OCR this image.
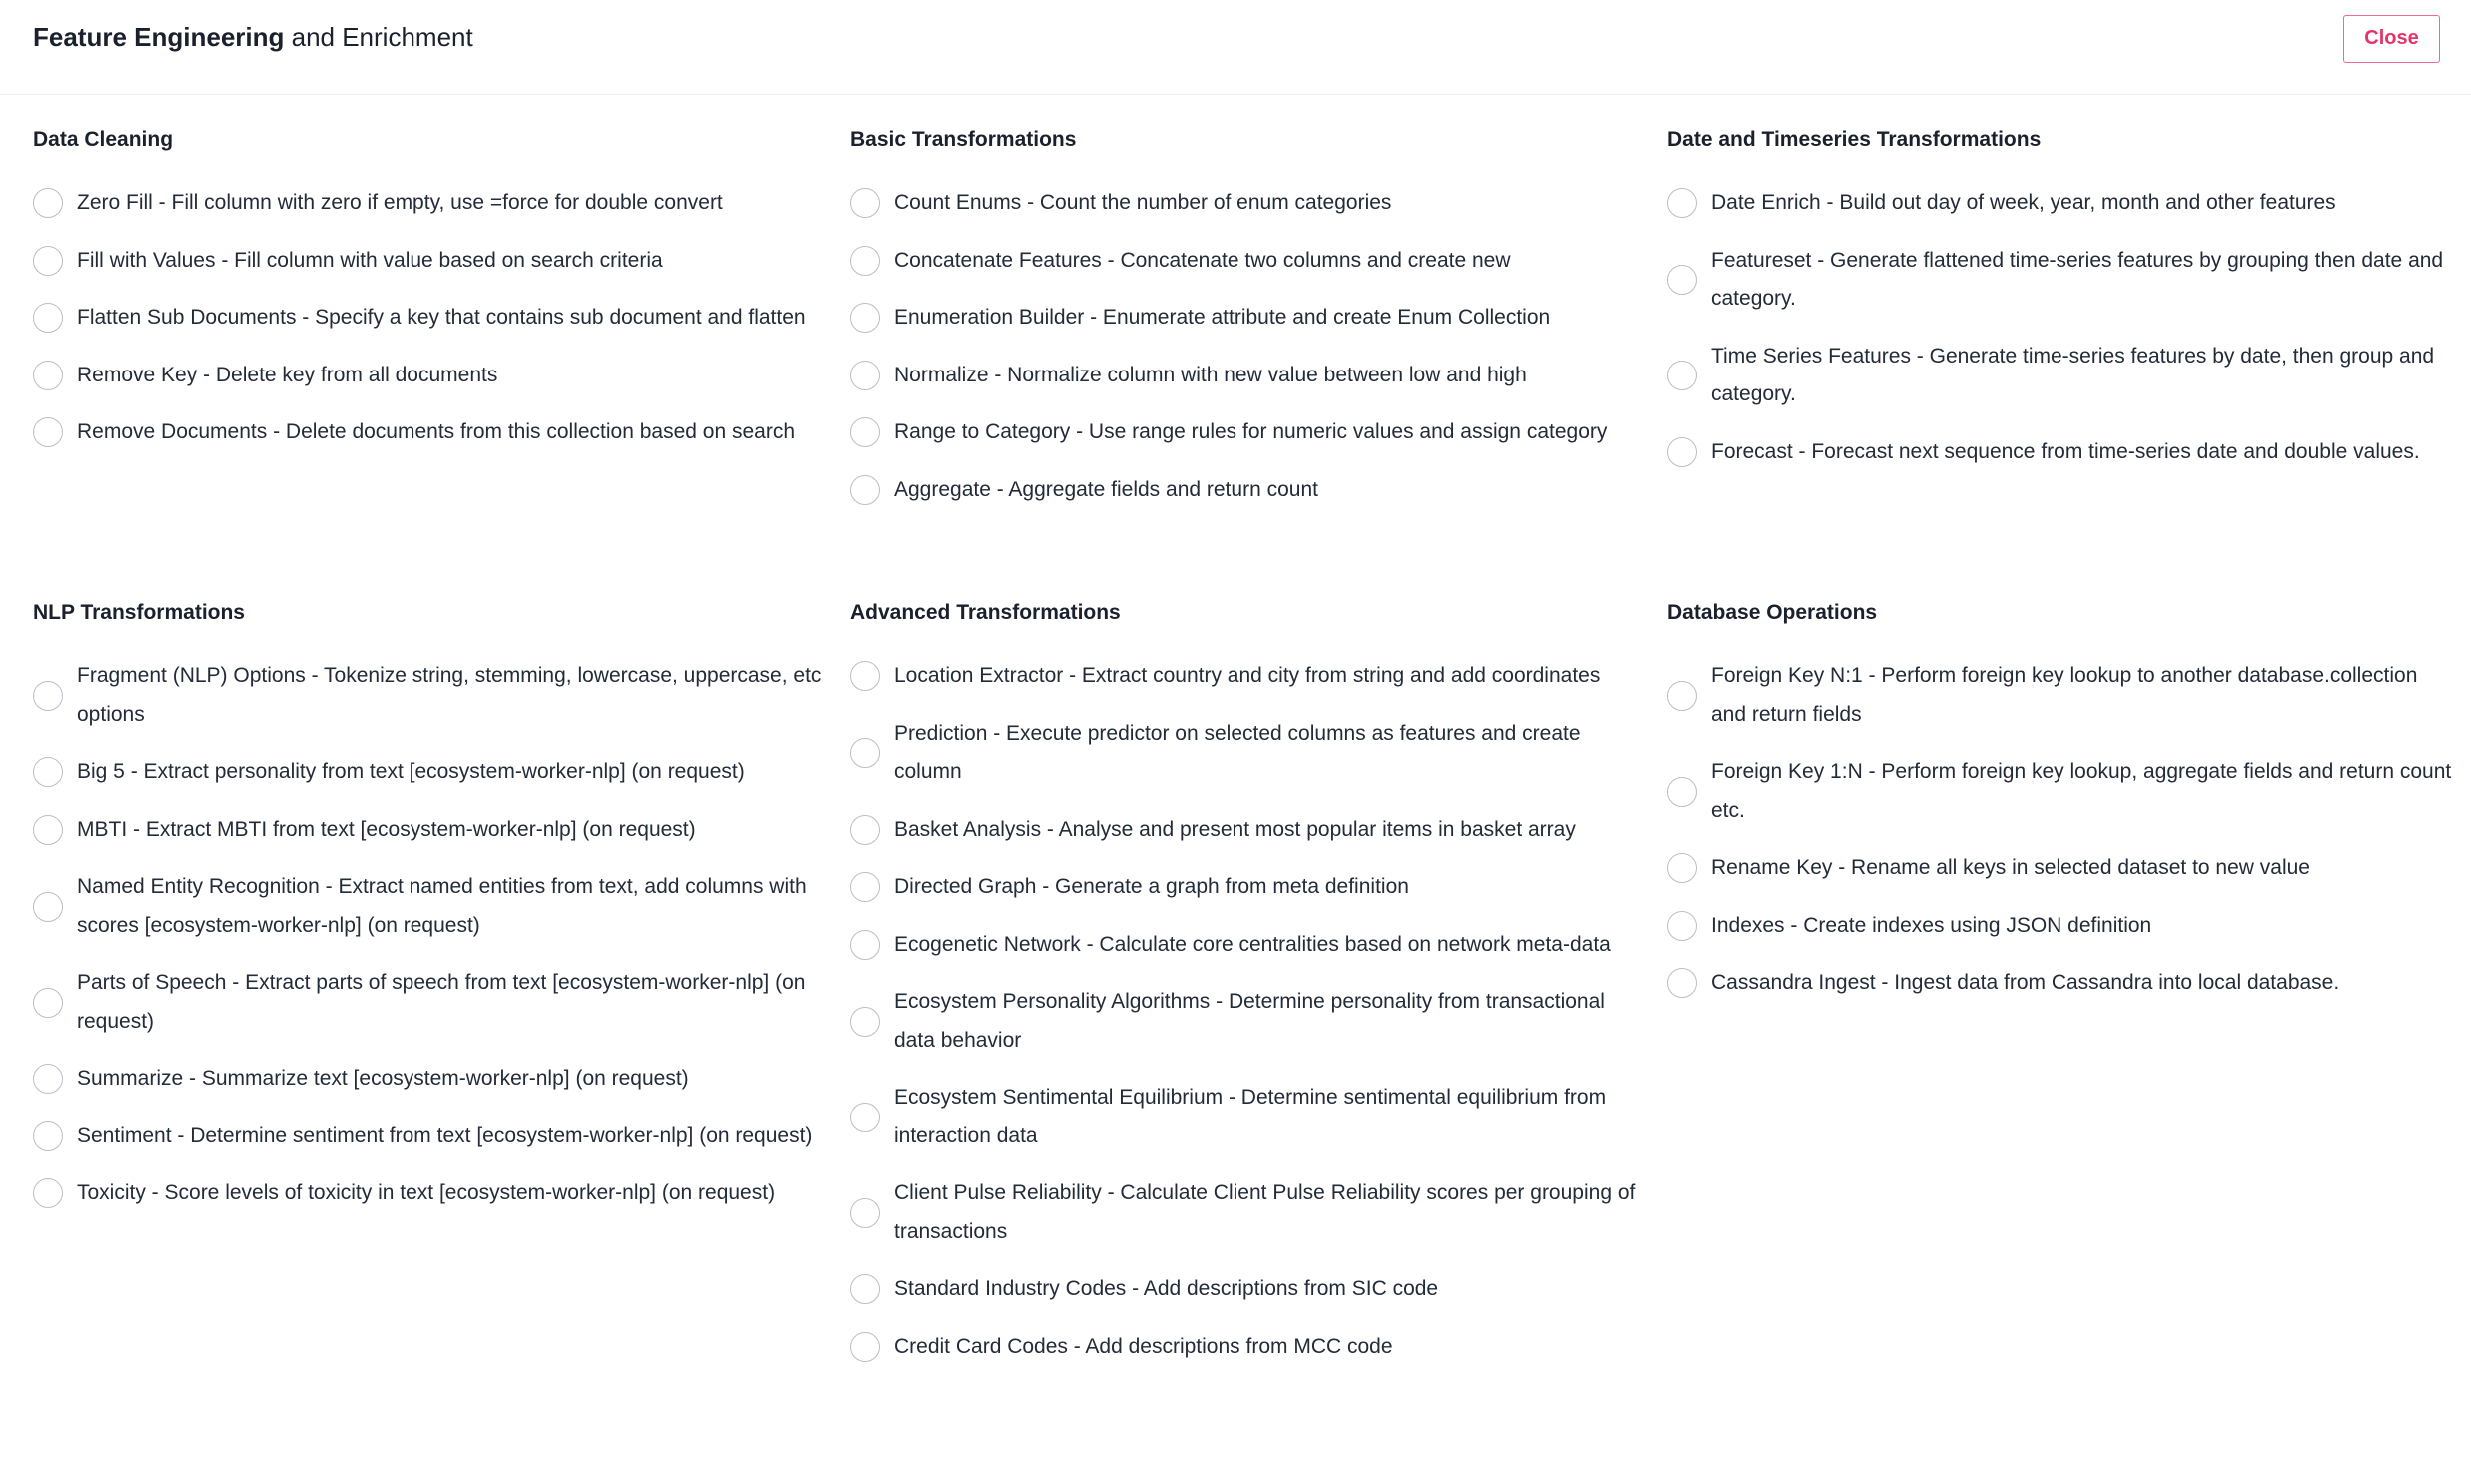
Feature Engineering and Enrichment	Close
Data Cleaning
Zero Fill - Fill column with zero if empty, use =force for double convert
Fill with Values - Fill column with value based on search criteria
Flatten Sub Documents - Specify a key that contains sub document and flatten
Remove Key - Delete key from all documents
Remove Documents - Delete documents from this collection based on search
Basic Transformations
Count Enums - Count the number of enum categories
Concatenate Features - Concatenate two columns and create new
Enumeration Builder - Enumerate attribute and create Enum Collection
Normalize - Normalize column with new value between low and high
Range to Category - Use range rules for numeric values and assign category
Aggregate - Aggregate fields and return count
Date and Timeseries Transformations
Date Enrich - Build out day of week, year, month and other features
Featureset - Generate flattened time-series features by grouping then date and category.
Time Series Features - Generate time-series features by date, then group and category.
Forecast - Forecast next sequence from time-series date and double values.
NLP Transformations
Fragment (NLP) Options - Tokenize string, stemming, lowercase, uppercase, etc options
Big 5 - Extract personality from text [ecosystem-worker-nlp] (on request)
MBTI - Extract MBTI from text [ecosystem-worker-nlp] (on request)
Named Entity Recognition - Extract named entities from text, add columns with scores [ecosystem-worker-nlp] (on request)
Parts of Speech - Extract parts of speech from text [ecosystem-worker-nlp] (on request)
Summarize - Summarize text [ecosystem-worker-nlp] (on request)
Sentiment - Determine sentiment from text [ecosystem-worker-nlp] (on request)
Toxicity - Score levels of toxicity in text [ecosystem-worker-nlp] (on request)
Advanced Transformations
Location Extractor - Extract country and city from string and add coordinates
Prediction - Execute predictor on selected columns as features and create column
Basket Analysis - Analyse and present most popular items in basket array
Directed Graph - Generate a graph from meta definition
Ecogenetic Network - Calculate core centralities based on network meta-data
Ecosystem Personality Algorithms - Determine personality from transactional data behavior
Ecosystem Sentimental Equilibrium - Determine sentimental equilibrium from interaction data
Client Pulse Reliability - Calculate Client Pulse Reliability scores per grouping of transactions
Standard Industry Codes - Add descriptions from SIC code
Credit Card Codes - Add descriptions from MCC code
Database Operations
Foreign Key N:1 - Perform foreign key lookup to another database.collection and return fields
Foreign Key 1:N - Perform foreign key lookup, aggregate fields and return count etc.
Rename Key - Rename all keys in selected dataset to new value
Indexes - Create indexes using JSON definition
Cassandra Ingest - Ingest data from Cassandra into local database.
